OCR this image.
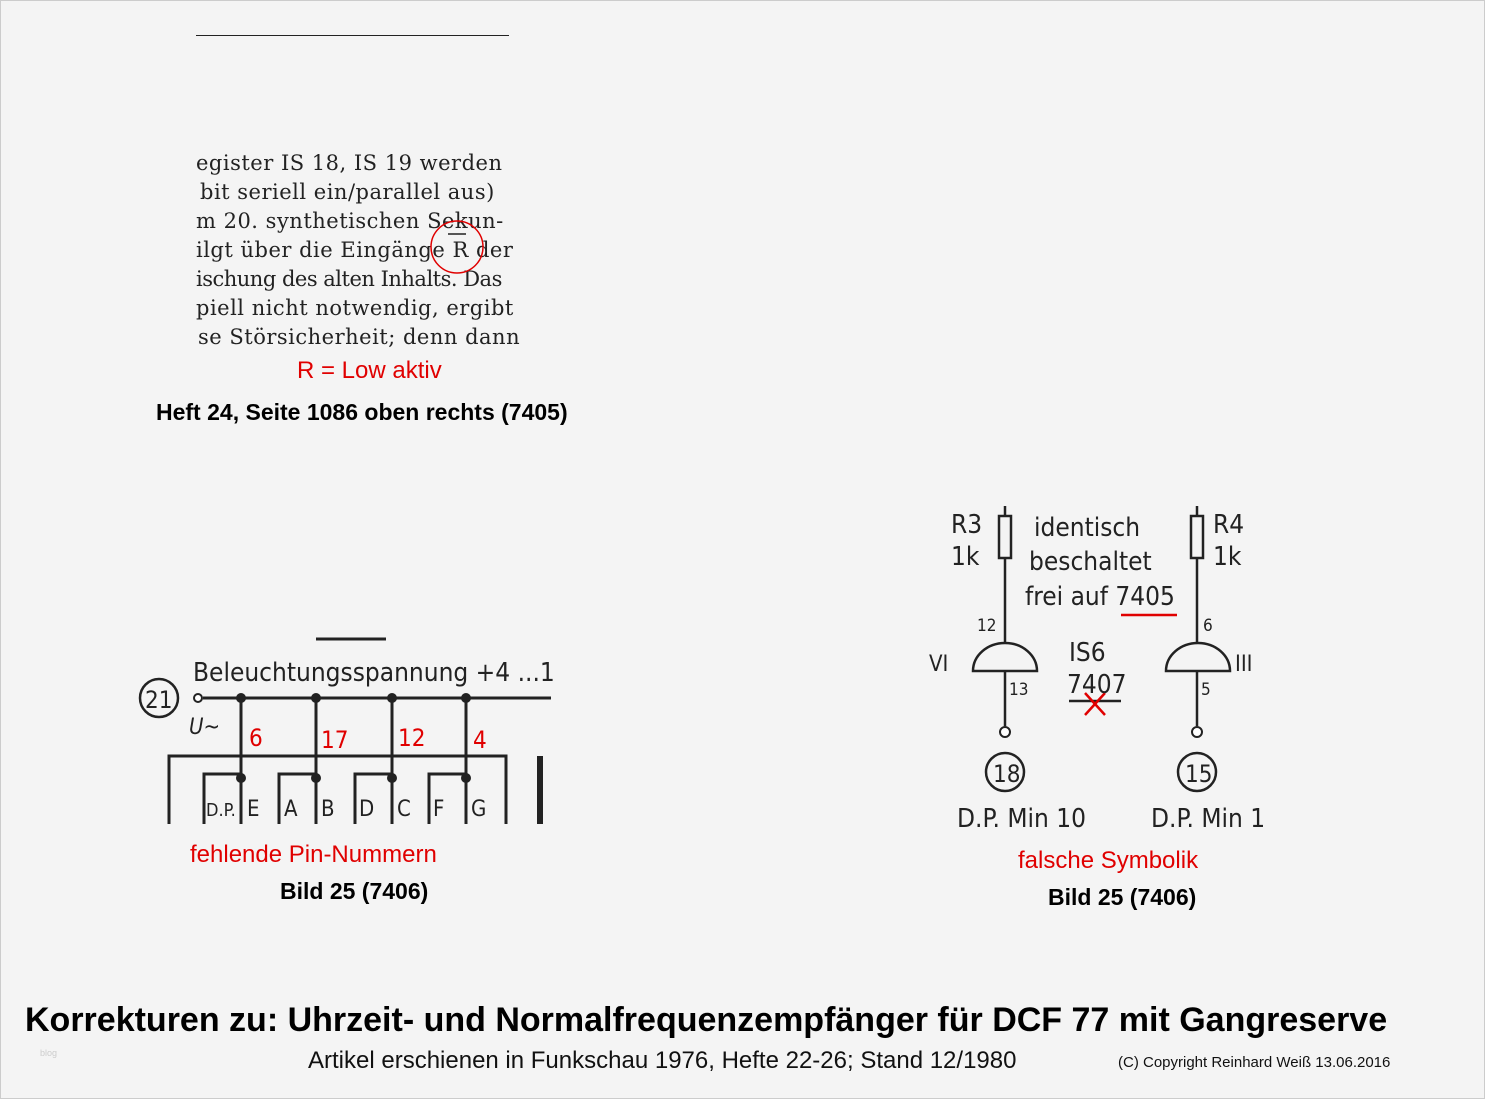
egister IS 18, IS 19 werden
bit seriell ein/parallel aus)
m 20. synthetischen Sekun-
ilgt über die Eingänge R der
ischung des alten Inhalts. Das
piell nicht notwendig, ergibt
se Störsicherheit; denn dann
R = Low aktiv
Heft 24, Seite 1086 oben rechts (7405)
21
Beleuchtungsspannung +4 ...1
U~ 6 17 12 4
D.P. E A B D C F G
fehlende Pin-Nummern
Bild 25 (7406)
R3
1k
R4
1k
identisch
beschaltet
frei auf 7405
IS6
7407
VI	III
18	15
D.P. Min 10 D.P. Min 1
12
13
6
5
falsche Symbolik
Bild 25 (7406)
Korrekturen zu: Uhrzeit- und Normalfrequenzempfänger für DCF 77 mit Gangreserve
Artikel erschienen in Funkschau 1976, Hefte 22-26; Stand 12/1980	(C) Copyright Reinhard Weiß 13.06.2016
blog
